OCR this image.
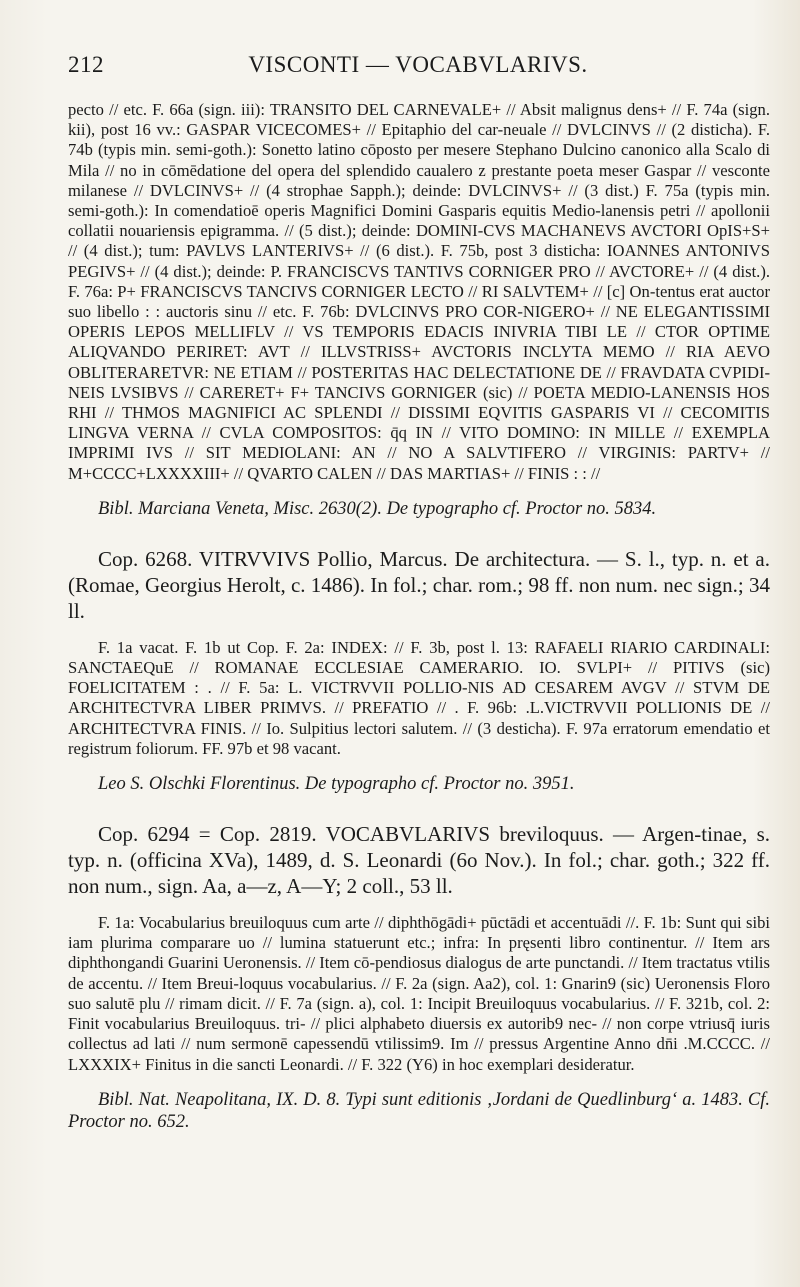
212	VISCONTI — VOCABVLARIVS.

pecto // etc. F. 66a (sign. iii): TRANSITO DEL CARNEVALE+ // Absit malignus dens+ // F. 74a (sign. kii), post 16 vv.: GASPAR VICECOMES+ // Epitaphio del car-neuale // DVLCINVS // (2 disticha). F. 74b (typis min. semi-goth.): Sonetto latino cōposto per mesere Stephano Dulcino canonico alla Scalo di Mila // no in cōmēdatione del opera del splendido caualero z prestante poeta meser Gaspar // vesconte milanese // DVLCINVS+ // (4 strophae Sapph.); deinde: DVLCINVS+ // (3 dist.) F. 75a (typis min. semi-goth.): In comendatioē operis Magnifici Domini Gasparis equitis Medio-lanensis petri // apollonii collatii nouariensis epigramma. // (5 dist.); deinde: DOMINI-CVS MACHANEVS AVCTORI OpIS+S+ // (4 dist.); tum: PAVLVS LANTERIVS+ // (6 dist.). F. 75b, post 3 disticha: IOANNES ANTONIVS PEGIVS+ // (4 dist.); deinde: P. FRANCISCVS TANTIVS CORNIGER PRO // AVCTORE+ // (4 dist.). F. 76a: P+ FRANCISCVS TANCIVS CORNIGER LECTO // RI SALVTEM+ // [c] On-tentus erat auctor suo libello : : auctoris sinu // etc. F. 76b: DVLCINVS PRO COR-NIGERO+ // NE ELEGANTISSIMI OPERIS LEPOS MELLIFLV // VS TEMPORIS EDACIS INIVRIA TIBI LE // CTOR OPTIME ALIQVANDO PERIRET: AVT // ILLVSTRISS+ AVCTORIS INCLYTA MEMO // RIA AEVO OBLITERARETVR: NE ETIAM // POSTERITAS HAC DELECTATIONE DE // FRAVDATA CVPIDI-NEIS LVSIBVS // CARERET+ F+ TANCIVS GORNIGER (sic) // POETA MEDIO-LANENSIS HOS RHI // THMOS MAGNIFICI AC SPLENDI // DISSIMI EQVITIS GASPARIS VI // CECOMITIS LINGVA VERNA // CVLA COMPOSITOS: q̄q IN // VITO DOMINO: IN MILLE // EXEMPLA IMPRIMI IVS // SIT MEDIOLANI: AN // NO A SALVTIFERO // VIRGINIS: PARTV+ // M+CCCC+LXXXXIII+ // QVARTO CALEN // DAS MARTIAS+ // FINIS : : //

Bibl. Marciana Veneta, Misc. 2630(2). De typographo cf. Proctor no. 5834.

Cop. 6268. VITRVVIVS Pollio, Marcus. De architectura. — S. l., typ. n. et a. (Romae, Georgius Herolt, c. 1486). In fol.; char. rom.; 98 ff. non num. nec sign.; 34 ll.

F. 1a vacat. F. 1b ut Cop. F. 2a: INDEX: // F. 3b, post l. 13: RAFAELI RIARIO CARDINALI: SANCTAEQuE // ROMANAE ECCLESIAE CAMERARIO. IO. SVLPI+ // PITIVS (sic) FOELICITATEM : . // F. 5a: L. VICTRVVII POLLIO-NIS AD CESAREM AVGV // STVM DE ARCHITECTVRA LIBER PRIMVS. // PREFATIO // . F. 96b: .L.VICTRVVII POLLIONIS DE // ARCHITECTVRA FINIS. // Io. Sulpitius lectori salutem. // (3 desticha). F. 97a erratorum emendatio et registrum foliorum. FF. 97b et 98 vacant.

Leo S. Olschki Florentinus. De typographo cf. Proctor no. 3951.

Cop. 6294 = Cop. 2819. VOCABVLARIVS breviloquus. — Argen-tinae, s. typ. n. (officina XVa), 1489, d. S. Leonardi (6o Nov.). In fol.; char. goth.; 322 ff. non num., sign. Aa, a—z, A—Y; 2 coll., 53 ll.

F. 1a: Vocabularius breuiloquus cum arte // diphthōgādi+ pūctādi et accentuādi //. F. 1b: Sunt qui sibi iam plurima comparare uo // lumina statuerunt etc.; infra: In pręsenti libro continentur. // Item ars diphthongandi Guarini Ueronensis. // Item cō-pendiosus dialogus de arte punctandi. // Item tractatus vtilis de accentu. // Item Breui-loquus vocabularius. // F. 2a (sign. Aa2), col. 1: Gnarin9 (sic) Ueronensis Floro suo salutē plu // rimam dicit. // F. 7a (sign. a), col. 1: Incipit Breuiloquus vocabularius. // F. 321b, col. 2: Finit vocabularius Breuiloquus. tri- // plici alphabeto diuersis ex autorib9 nec- // non corpe vtriusq̄ iuris collectus ad lati // num sermonē capessendū vtilissim9. Im // pressus Argentine Anno dn̄i .M.CCCC. // LXXXIX+ Finitus in die sancti Leonardi. // F. 322 (Y6) in hoc exemplari desideratur.

Bibl. Nat. Neapolitana, IX. D. 8. Typi sunt editionis ‚Jordani de Quedlinburg‘ a. 1483. Cf. Proctor no. 652.
